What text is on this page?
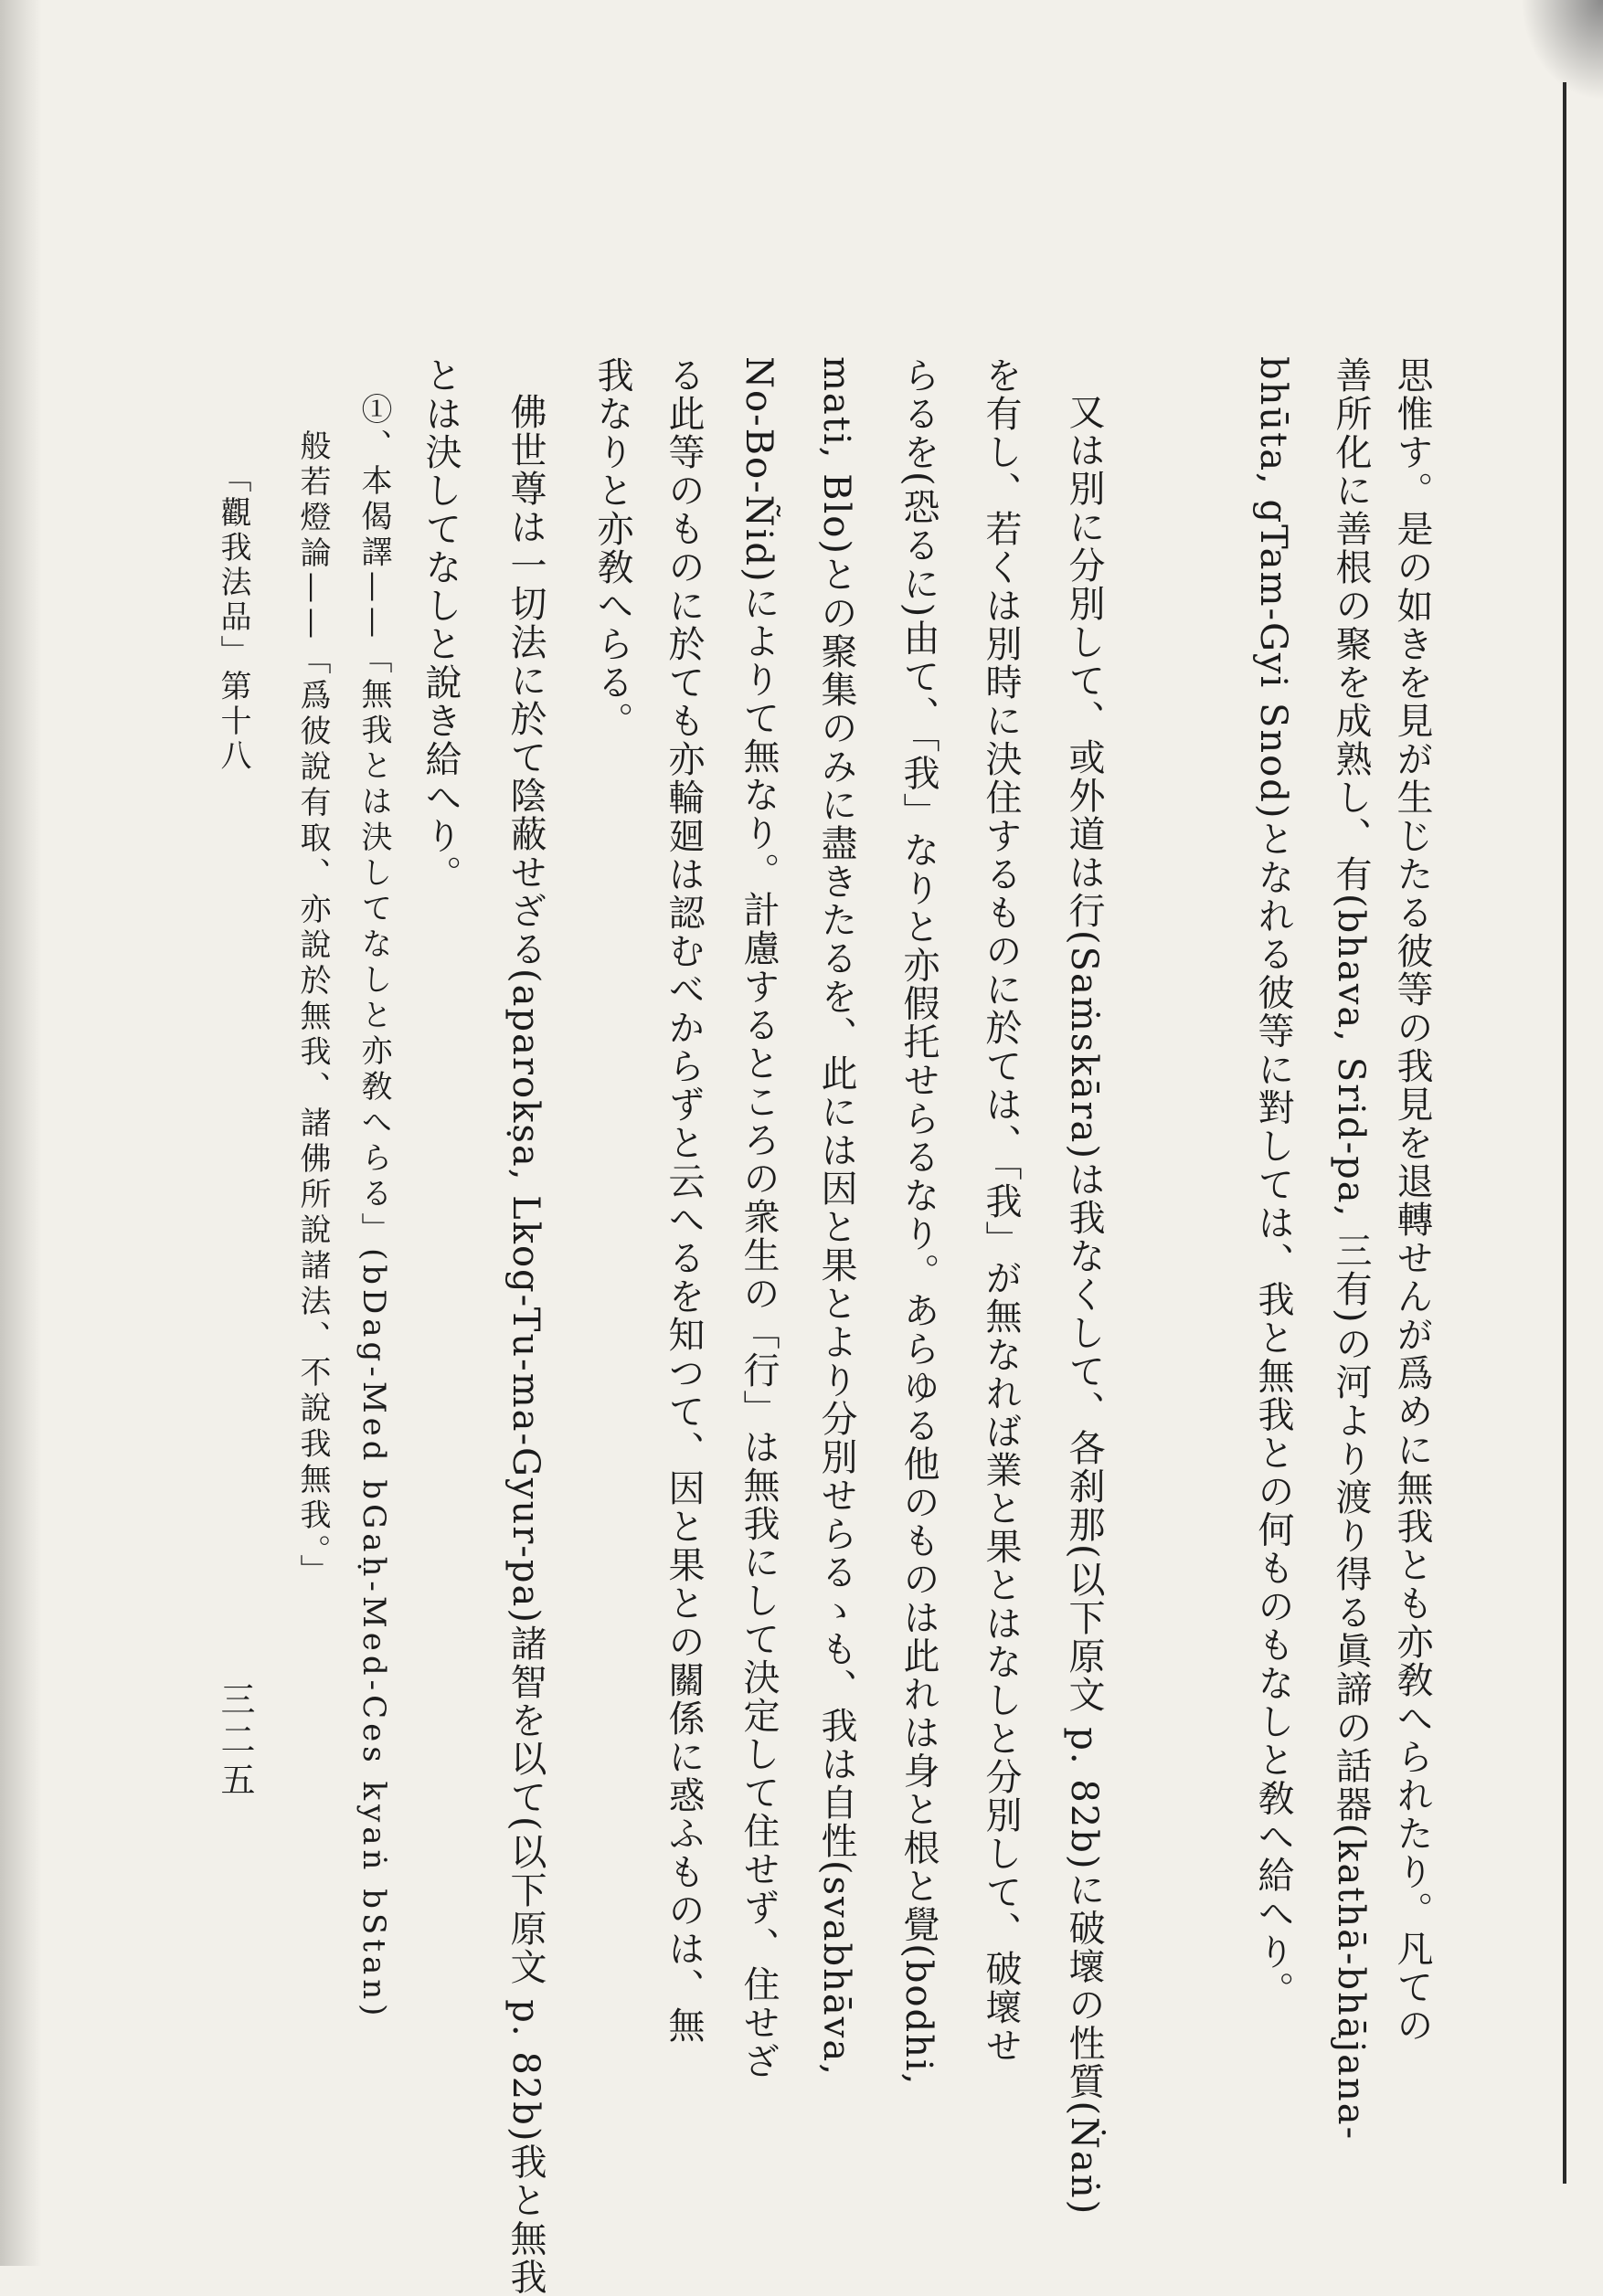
思惟す。是の如きを見が生じたる彼等の我見を退轉せんが爲めに無我とも亦敎へられたり。凡ての
善所化に善根の聚を成熟し、有(bhava, Srid-pa, 三有)の河より渡り得る眞諦の話器(kathā-bhājana-
bhūta, gTam-Gyi Snod)となれる彼等に對しては、我と無我との何ものもなしと敎へ給へり。
又は別に分別して、或外道は行(Saṁskāra)は我なくして、各刹那(以下原文 p. 82b)に破壞の性質(Ṅaṅ)
を有し、若くは別時に決住するものに於ては、「我」が無なれば業と果とはなしと分別して、破壞せ
らるを(恐るに)由て、「我」なりと亦假托せらるなり。あらゆる他のものは此れは身と根と覺(bodhi,
mati, Blo)との聚集のみに盡きたるを、此には因と果とより分別せらるゝも、我は自性(svabhāva,
No-Bo-Ñid)によりて無なり。計慮するところの衆生の「行」は無我にして決定して住せず、住せざ
る此等のものに於ても亦輪廻は認むべからずと云へるを知つて、因と果との關係に惑ふものは、無
我なりと亦敎へらる。
佛世尊は一切法に於て陰蔽せざる(aparokṣa, Lkog-Tu-ma-Gyur-pa)諸智を以て(以下原文 p. 82b)我と無我
とは決してなしと說き給へり。
①、本偈譯——「無我とは決してなしと亦敎へらる」(bDag-Med bGaḥ-Med-Ces kyaṅ bStan)
般若燈論——「爲彼說有取、亦說於無我、諸佛所說諸法、不說我無我。」
「觀我法品」第十八
三二五
